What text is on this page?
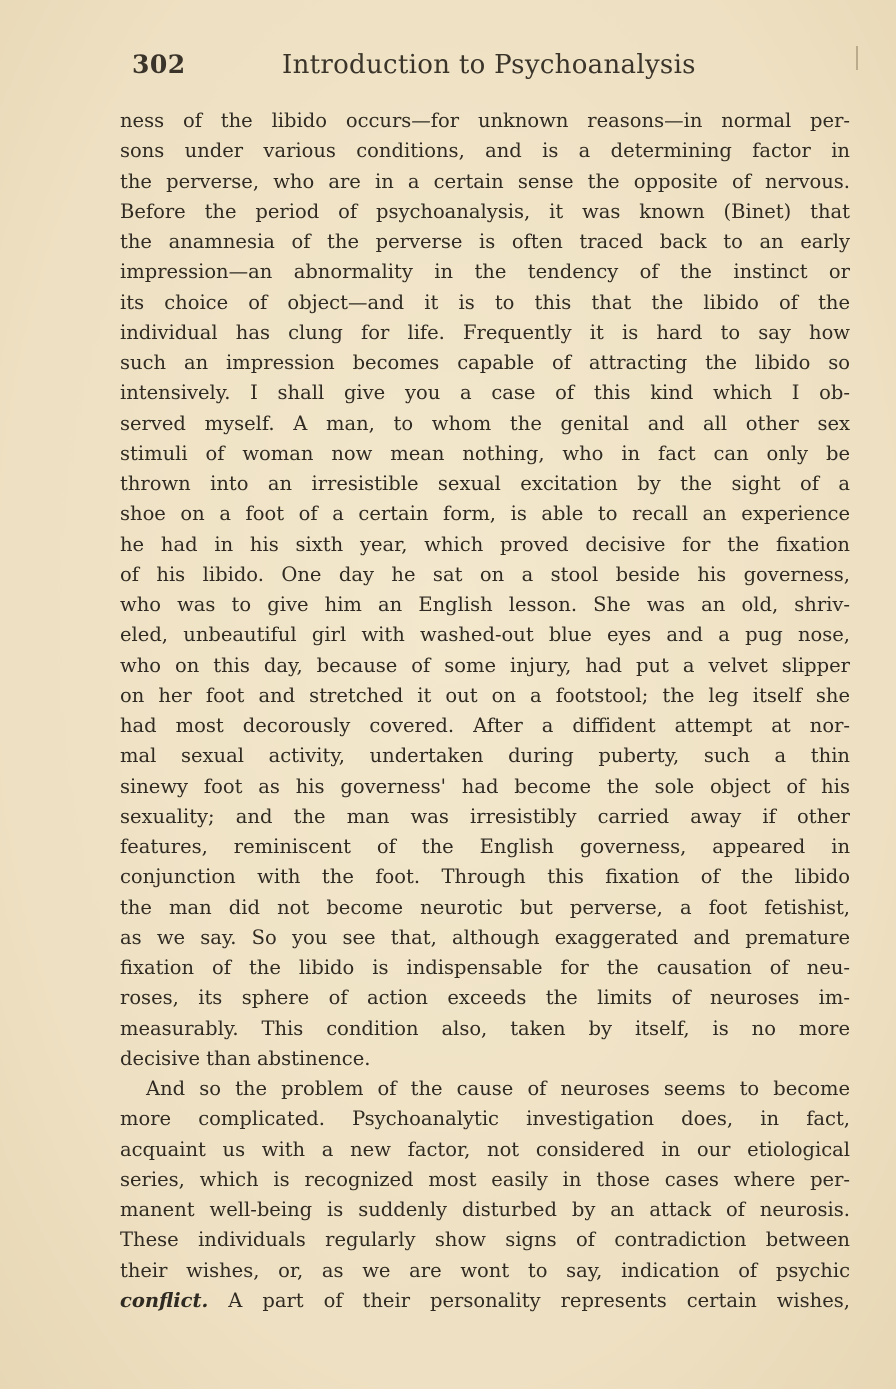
302	Introduction to Psychoanalysis
ness of the libido occurs—for unknown reasons—in normal per-
sons under various conditions, and is a determining factor in
the perverse, who are in a certain sense the opposite of nervous.
Before the period of psychoanalysis, it was known (Binet) that
the anamnesia of the perverse is often traced back to an early
impression—an abnormality in the tendency of the instinct or
its choice of object—and it is to this that the libido of the
individual has clung for life. Frequently it is hard to say how
such an impression becomes capable of attracting the libido so
intensively. I shall give you a case of this kind which I ob-
served myself. A man, to whom the genital and all other sex
stimuli of woman now mean nothing, who in fact can only be
thrown into an irresistible sexual excitation by the sight of a
shoe on a foot of a certain form, is able to recall an experience
he had in his sixth year, which proved decisive for the fixation
of his libido. One day he sat on a stool beside his governess,
who was to give him an English lesson. She was an old, shriv-
eled, unbeautiful girl with washed-out blue eyes and a pug nose,
who on this day, because of some injury, had put a velvet slipper
on her foot and stretched it out on a footstool; the leg itself she
had most decorously covered. After a diffident attempt at nor-
mal sexual activity, undertaken during puberty, such a thin
sinewy foot as his governess' had become the sole object of his
sexuality; and the man was irresistibly carried away if other
features, reminiscent of the English governess, appeared in
conjunction with the foot. Through this fixation of the libido
the man did not become neurotic but perverse, a foot fetishist,
as we say. So you see that, although exaggerated and premature
fixation of the libido is indispensable for the causation of neu-
roses, its sphere of action exceeds the limits of neuroses im-
measurably. This condition also, taken by itself, is no more
decisive than abstinence.
And so the problem of the cause of neuroses seems to become
more complicated. Psychoanalytic investigation does, in fact,
acquaint us with a new factor, not considered in our etiological
series, which is recognized most easily in those cases where per-
manent well-being is suddenly disturbed by an attack of neurosis.
These individuals regularly show signs of contradiction between
their wishes, or, as we are wont to say, indication of psychic
conflict. A part of their personality represents certain wishes,
